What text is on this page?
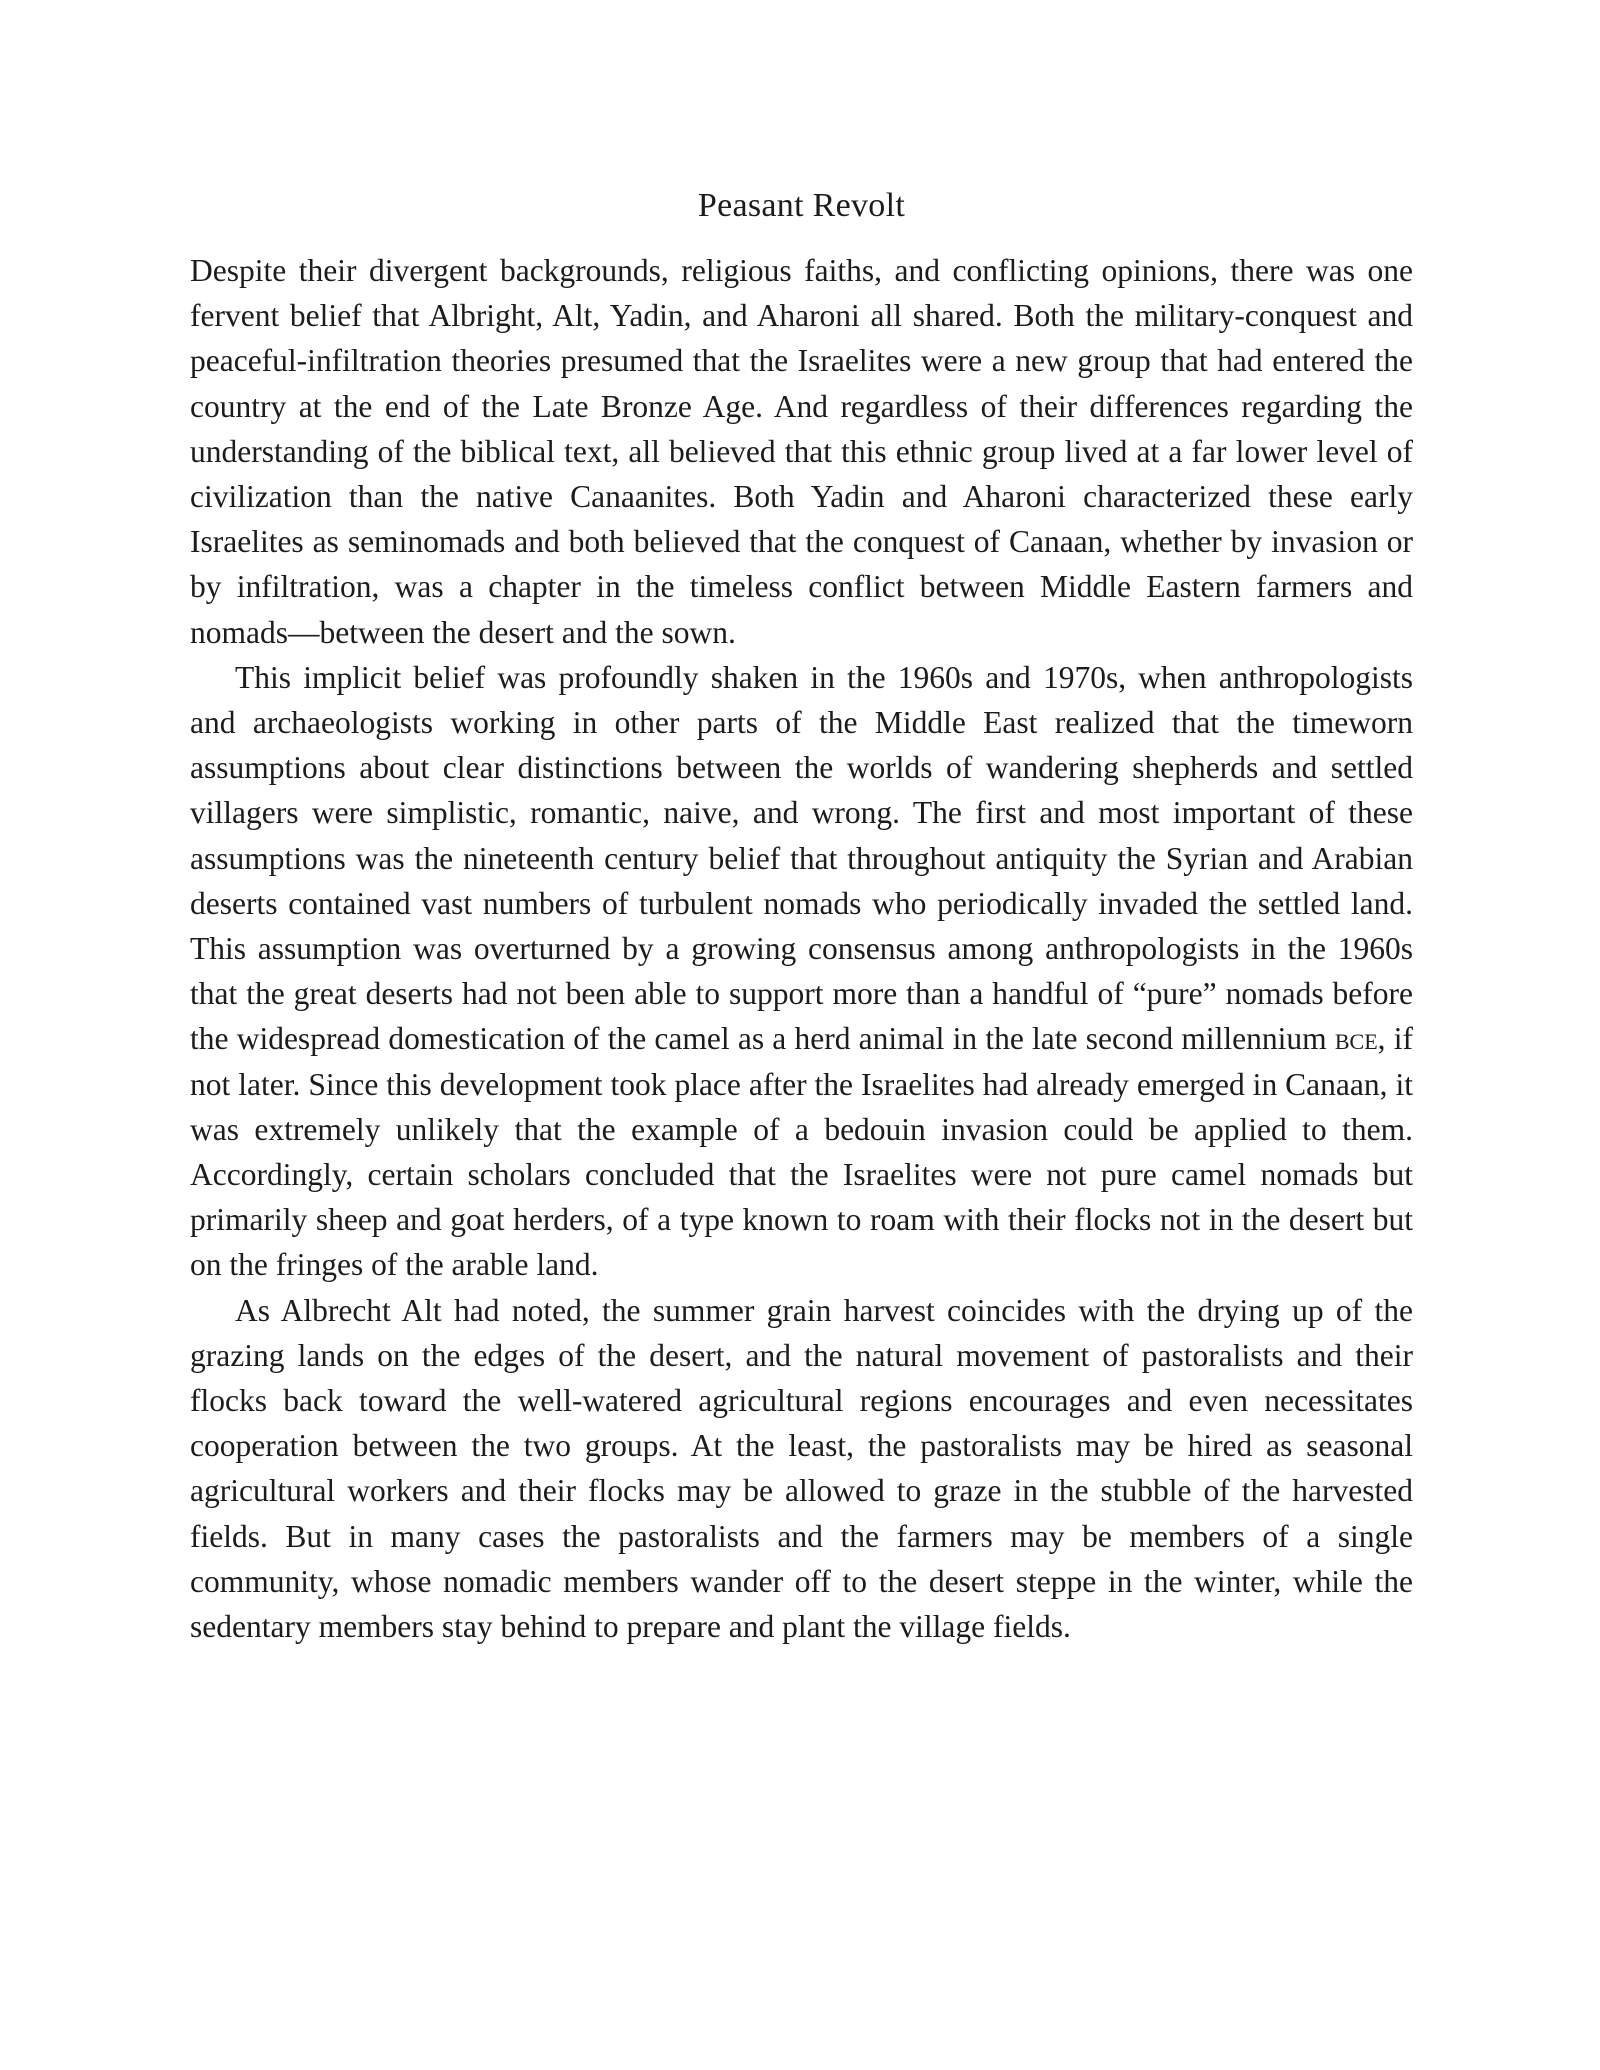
Peasant Revolt

Despite their divergent backgrounds, religious faiths, and conflicting opinions, there was one fervent belief that Albright, Alt, Yadin, and Aharoni all shared. Both the military-conquest and peaceful-infiltration theories presumed that the Israelites were a new group that had entered the country at the end of the Late Bronze Age. And regardless of their differences regarding the understanding of the biblical text, all believed that this ethnic group lived at a far lower level of civilization than the native Canaanites. Both Yadin and Aharoni characterized these early Israelites as seminomads and both believed that the conquest of Canaan, whether by invasion or by infiltration, was a chapter in the timeless conflict between Middle Eastern farmers and nomads—between the desert and the sown.

This implicit belief was profoundly shaken in the 1960s and 1970s, when anthropologists and archaeologists working in other parts of the Middle East realized that the timeworn assumptions about clear distinctions between the worlds of wandering shepherds and settled villagers were simplistic, romantic, naive, and wrong. The first and most important of these assumptions was the nineteenth century belief that throughout antiquity the Syrian and Arabian deserts contained vast numbers of turbulent nomads who periodically invaded the settled land. This assumption was overturned by a growing consensus among anthropologists in the 1960s that the great deserts had not been able to support more than a handful of “pure” nomads before the widespread domestication of the camel as a herd animal in the late second millennium bce, if not later. Since this development took place after the Israelites had already emerged in Canaan, it was extremely unlikely that the example of a bedouin invasion could be applied to them. Accordingly, certain scholars concluded that the Israelites were not pure camel nomads but primarily sheep and goat herders, of a type known to roam with their flocks not in the desert but on the fringes of the arable land.

As Albrecht Alt had noted, the summer grain harvest coincides with the drying up of the grazing lands on the edges of the desert, and the natural movement of pastoralists and their flocks back toward the well-watered agricultural regions encourages and even necessitates cooperation between the two groups. At the least, the pastoralists may be hired as seasonal agricultural workers and their flocks may be allowed to graze in the stubble of the harvested fields. But in many cases the pastoralists and the farmers may be members of a single community, whose nomadic members wander off to the desert steppe in the winter, while the sedentary members stay behind to prepare and plant the village fields.
